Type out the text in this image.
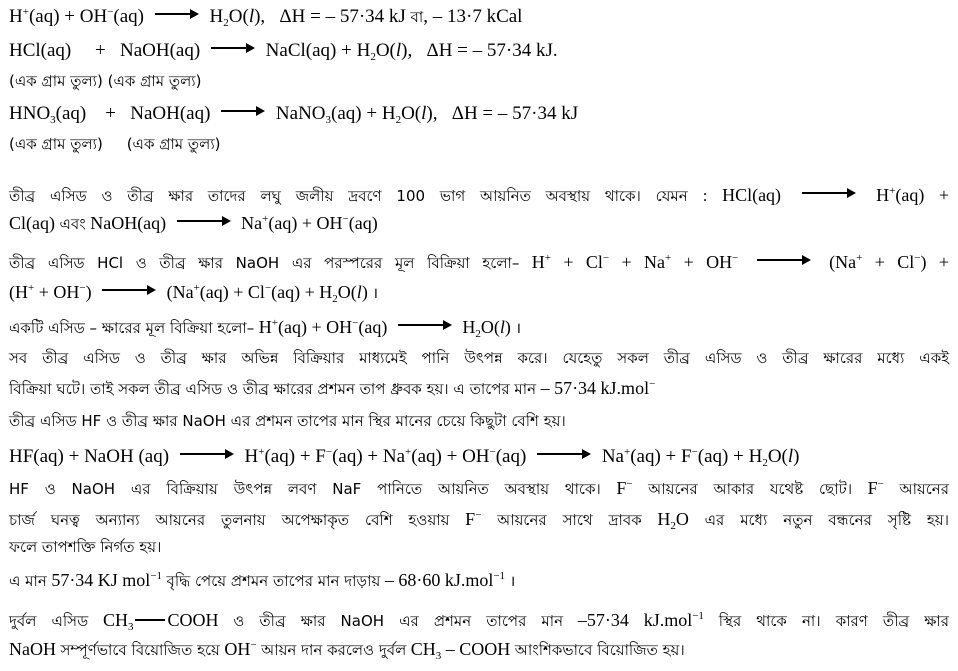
H+(aq) + OH−(aq)	$H_2O(l)$,   ΔH = – 57·34 kJ বা, – 13·7 kCal
HCl(aq)     +   NaOH(aq)	NaCl(aq) + $H_2O(l)$,   ΔH = – 57·34 kJ.
(এক গ্রাম তুল্য) (এক গ্রাম তুল্য)
$HNO_3(aq)$    +   NaOH(aq)	NaNO$_3$(aq) + $H_2O(l)$,   ΔH = – 57·34 kJ
(এক গ্রাম তুল্য) (এক গ্রাম তুল্য)
তীব্র এসিড ও তীব্র ক্ষার তাদের লঘু জলীয় দ্রবণে 100 ভাগ আয়নিত অবস্থায় থাকে। যেমন : HCl(aq)	H+(aq) +
Cl(aq) এবং NaOH(aq)	Na+(aq) + OH−(aq)
তীব্র এসিড HCl ও তীব্র ক্ষার NaOH এর পরস্পরের মূল বিক্রিয়া হলো– H+ + Cl− + Na+ + OH−	(Na+ + Cl−) +
(H+ + OH−)	($Na^+(aq) + Cl^-(aq) + H_2O(l)$ ।
একটি এসিড – ক্ষারের মূল বিক্রিয়া হলো– H+(aq) + OH−(aq)	$H_2O(l)$ ।
সব তীব্র এসিড ও তীব্র ক্ষার অভিন্ন বিক্রিয়ার মাধ্যমেই পানি উৎপন্ন করে। যেহেতু সকল তীব্র এসিড ও তীব্র ক্ষারের মধ্যে একই
বিক্রিয়া ঘটে। তাই সকল তীব্র এসিড ও তীব্র ক্ষারের প্রশমন তাপ ধ্রুবক হয়। এ তাপের মান – 57·34 kJ.mol−
তীব্র এসিড HF ও তীব্র ক্ষার NaOH এর প্রশমন তাপের মান স্থির মানের চেয়ে কিছুটা বেশি হয়।
HF(aq) + NaOH (aq)	H+(aq) + F−(aq) + Na+(aq) + OH−(aq)	$Na^+(aq) + F^-(aq) + H_2O(l)$
HF ও NaOH এর বিক্রিয়ায় উৎপন্ন লবণ NaF পানিতে আয়নিত অবস্থায় থাকে। F− আয়নের আকার যথেষ্ট ছোট। F− আয়নের
চার্জ ঘনত্ব অন্যান্য আয়নের তুলনায় অপেক্ষাকৃত বেশি হওয়ায় F− আয়নের সাথে দ্রাবক $H_2O$ এর মধ্যে নতুন বন্ধনের সৃষ্টি হয়।
ফলে তাপশক্তি নির্গত হয়।
এ মান 57·34 KJ mol$^{-1}$ বৃদ্ধি পেয়ে প্রশমন তাপের মান দাড়ায় – 68·60 kJ.mol$^{-1}$ ।
দুর্বল এসিড $CH_3$ COOH ও তীব্র ক্ষার NaOH এর প্রশমন তাপের মান –57·34 kJ.mol$^{-1}$ স্থির থাকে না। কারণ তীব্র ক্ষার
NaOH সম্পূর্ণভাবে বিয়োজিত হয়ে OH− আয়ন দান করলেও দুর্বল $CH_3$ – COOH আংশিকভাবে বিয়োজিত হয়।
